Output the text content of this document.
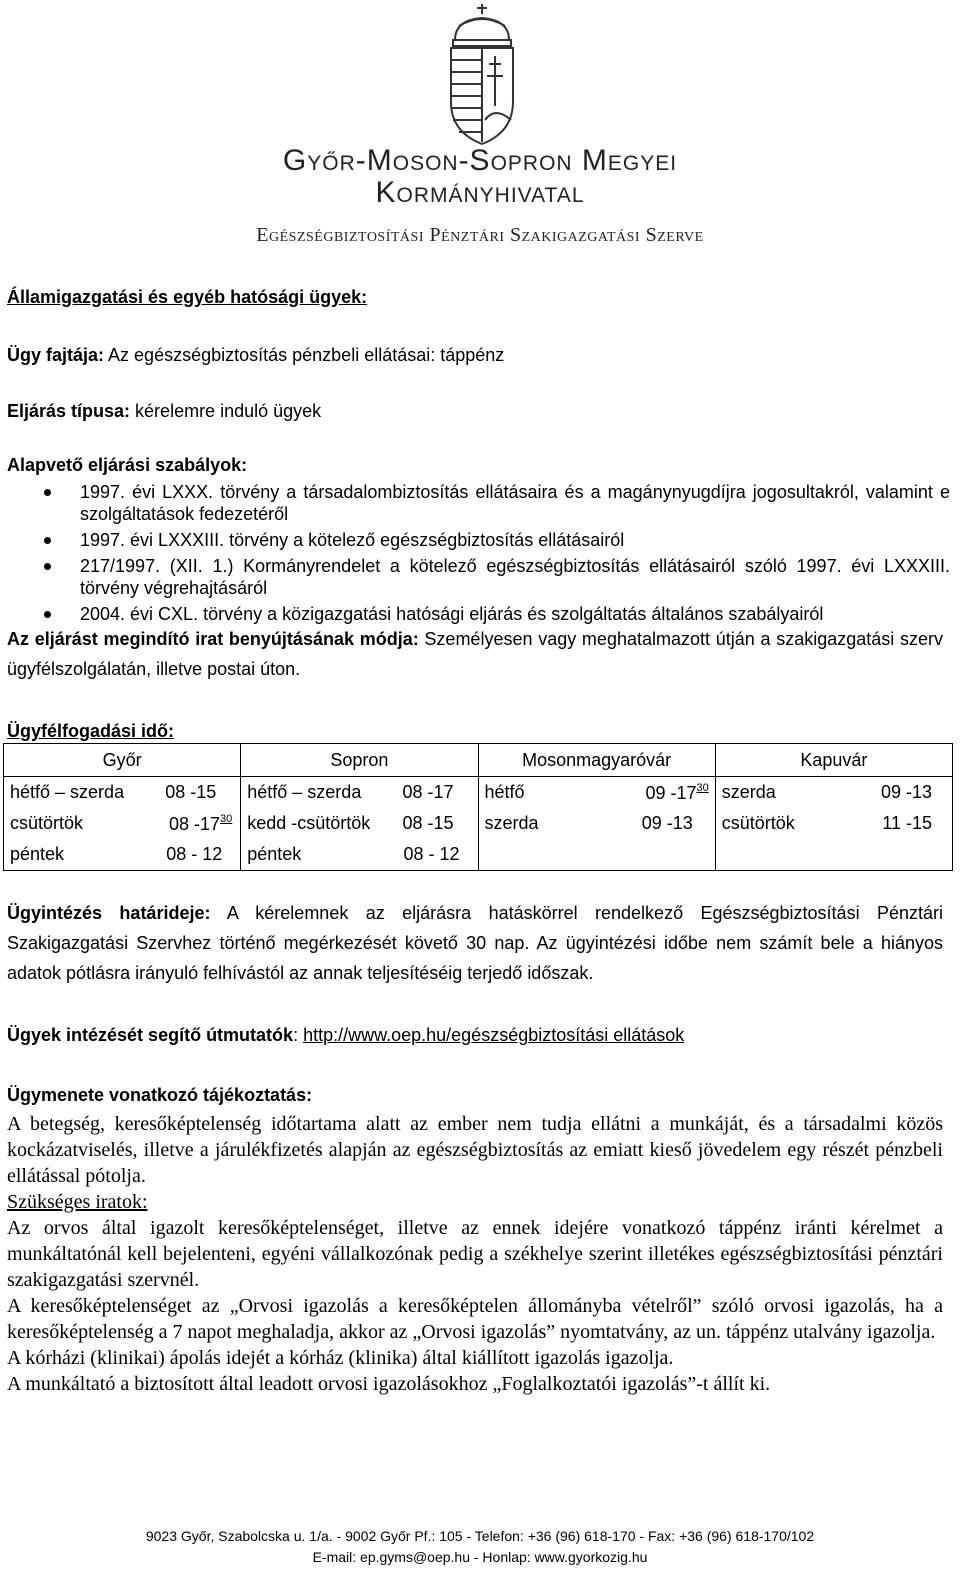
Győr-Moson-Sopron Megyei
Kormányhivatal
Egészségbiztosítási Pénztári Szakigazgatási Szerve
Államigazgatási és egyéb hatósági ügyek:
Ügy fajtája: Az egészségbiztosítás pénzbeli ellátásai: táppénz
Eljárás típusa: kérelemre induló ügyek
Alapvető eljárási szabályok:
1997. évi LXXX. törvény a társadalombiztosítás ellátásaira és a magánynyugdíjra jogosultakról, valamint e szolgáltatások fedezetéről
1997. évi LXXXIII. törvény a kötelező egészségbiztosítás ellátásairól
217/1997. (XII. 1.) Kormányrendelet a kötelező egészségbiztosítás ellátásairól szóló 1997. évi LXXXIII. törvény végrehajtásáról
2004. évi CXL. törvény a közigazgatási hatósági eljárás és szolgáltatás általános szabályairól
Az eljárást megindító irat benyújtásának módja: Személyesen vagy meghatalmazott útján a szakigazgatási szerv ügyfélszolgálatán, illetve postai úton.
Ügyfélfogadási idő:
Győr	Sopron	Mosonmagyaróvár	Kapuvár

hétfő – szerda 08 -15	hétfő – szerda 08 -17	hétfő 09 $-17^{30}$	szerda 09 -13

csütörtök 08 $-17^{30}$	kedd -csütörtök 08 -15	szerda 09 -13	csütörtök 11 -15

péntek 08 - 12	péntek 08 - 12		

Ügyintézés határideje: A kérelemnek az eljárásra hatáskörrel rendelkező Egészségbiztosítási Pénztári Szakigazgatási Szervhez történő megérkezését követő 30 nap. Az ügyintézési időbe nem számít bele a hiányos adatok pótlásra irányuló felhívástól az annak teljesítéséig terjedő időszak.
Ügyek intézését segítő útmutatók: http://www.oep.hu/egészségbiztosítási ellátások
Ügymenete vonatkozó tájékoztatás:
A betegség, keresőképtelenség időtartama alatt az ember nem tudja ellátni a munkáját, és a társadalmi közös kockázatviselés, illetve a járulékfizetés alapján az egészségbiztosítás az emiatt kieső jövedelem egy részét pénzbeli ellátással pótolja.
Szükséges iratok:
Az orvos által igazolt keresőképtelenséget, illetve az ennek idejére vonatkozó táppénz iránti kérelmet a munkáltatónál kell bejelenteni, egyéni vállalkozónak pedig a székhelye szerint illetékes egészségbiztosítási pénztári szakigazgatási szervnél.
A keresőképtelenséget az „Orvosi igazolás a keresőképtelen állományba vételről” szóló orvosi igazolás, ha a keresőképtelenség a 7 napot meghaladja, akkor az „Orvosi igazolás” nyomtatvány, az un. táppénz utalvány igazolja.
A kórházi (klinikai) ápolás idejét a kórház (klinika) által kiállított igazolás igazolja.
A munkáltató a biztosított által leadott orvosi igazolásokhoz „Foglalkoztatói igazolás”-t állít ki.
9023 Győr, Szabolcska u. 1/a. - 9002 Győr Pf.: 105 - Telefon: +36 (96) 618-170 - Fax: +36 (96) 618-170/102
E-mail: ep.gyms@oep.hu - Honlap: www.gyorkozig.hu
